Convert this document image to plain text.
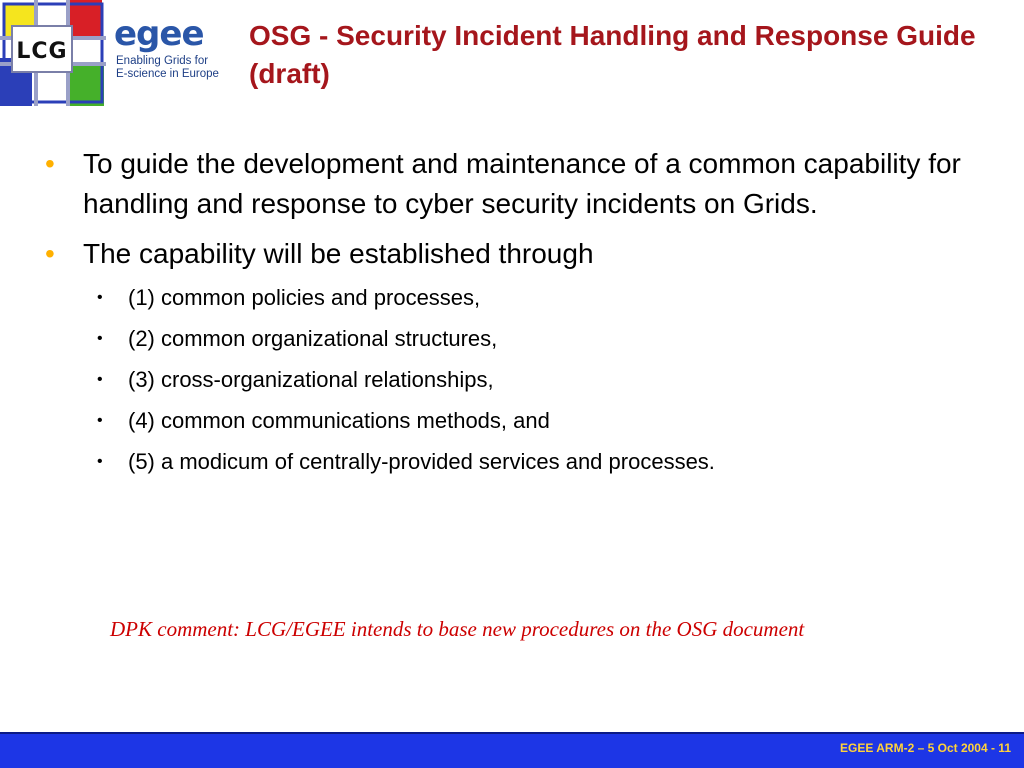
LCG egee
Enabling Grids for
E-science in Europe
OSG - Security Incident Handling and Response Guide (draft)
•	To guide the development and maintenance of a common capability for handling and response to cyber security incidents on Grids.
•	The capability will be established through
• (1) common policies and processes,
• (2) common organizational structures,
• (3) cross-organizational relationships,
• (4) common communications methods, and
• (5) a modicum of centrally-provided services and processes.
DPK comment: LCG/EGEE intends to base new procedures on the OSG document
EGEE ARM-2 – 5 Oct 2004 - 11
